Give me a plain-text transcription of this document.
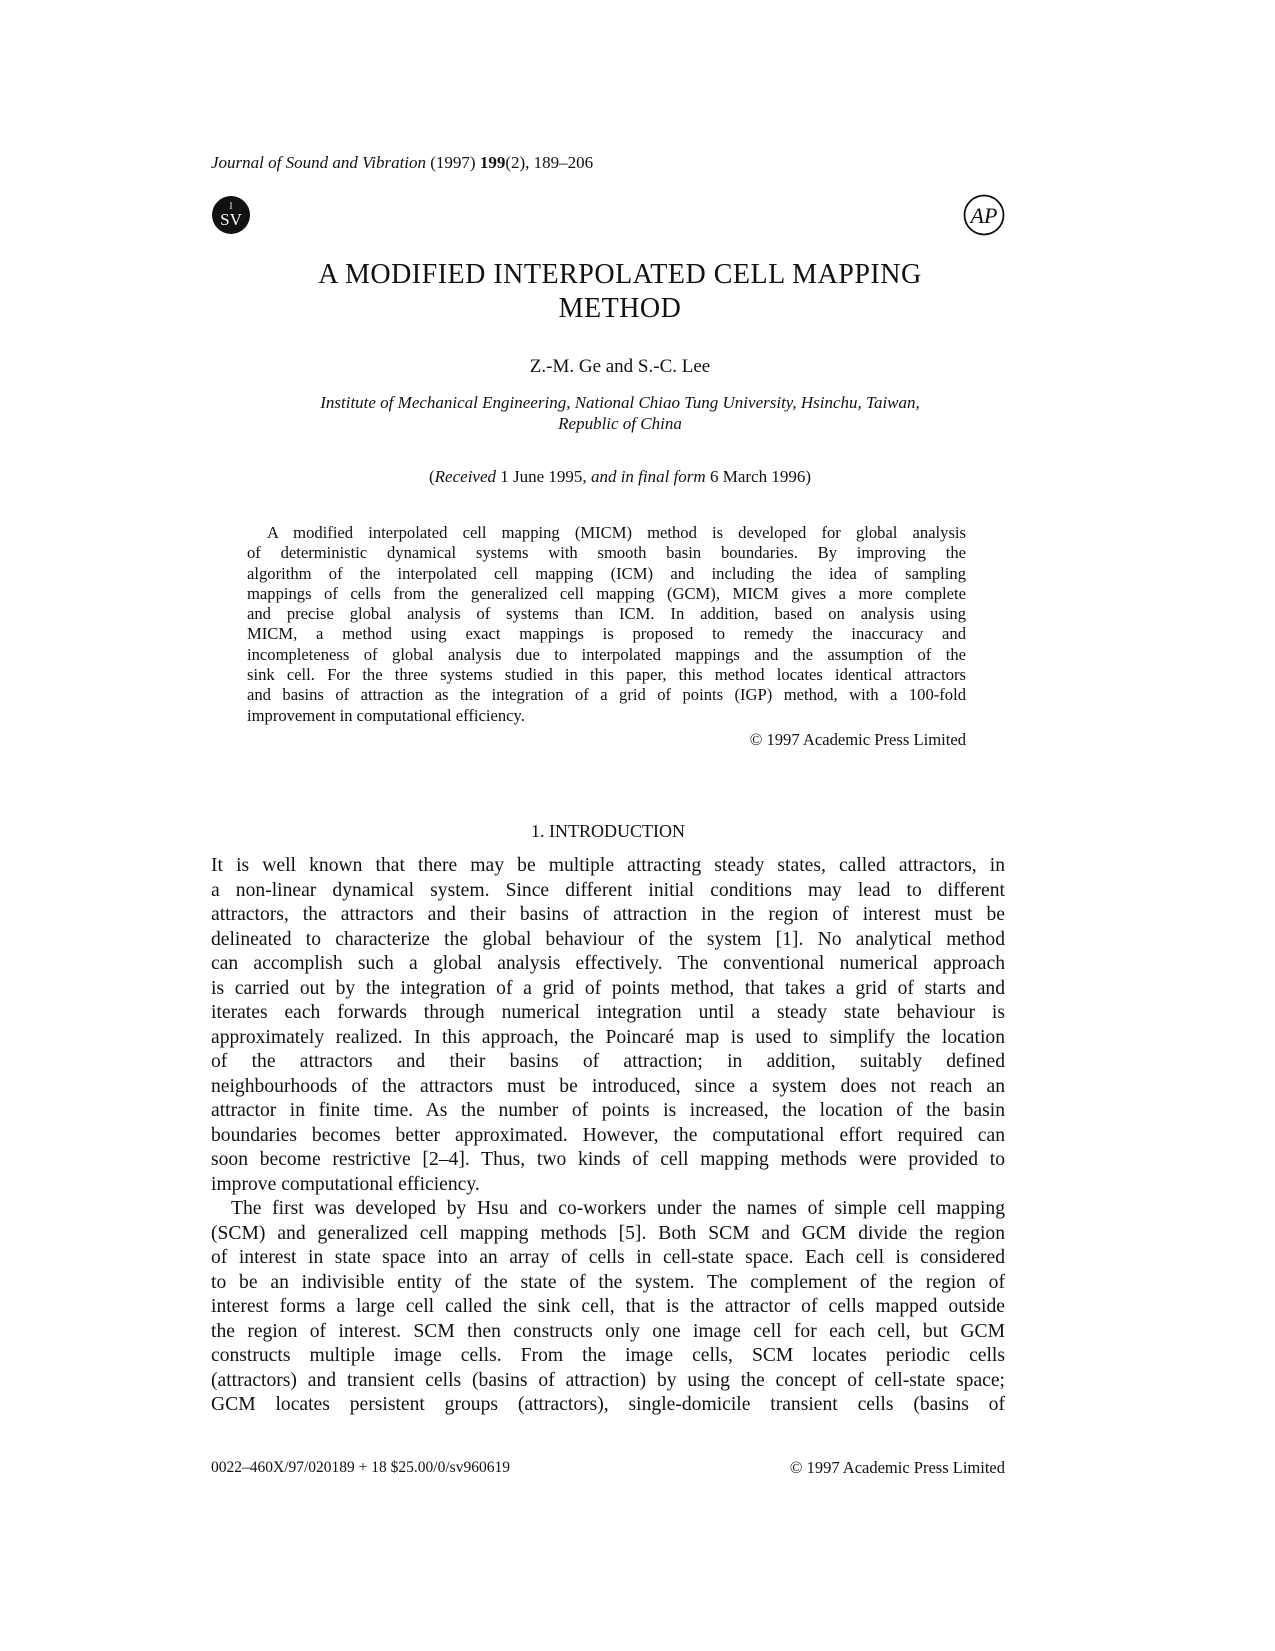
Journal of Sound and Vibration (1997) 199(2), 189–206
I
SV	AP
A MODIFIED INTERPOLATED CELL MAPPING
METHOD
Z.-M. Ge and S.-C. Lee
Institute of Mechanical Engineering, National Chiao Tung University, Hsinchu, Taiwan,
Republic of China
(Received 1 June 1995, and in final form 6 March 1996)
A modified interpolated cell mapping (MICM) method is developed for global analysis
of deterministic dynamical systems with smooth basin boundaries. By improving the
algorithm of the interpolated cell mapping (ICM) and including the idea of sampling
mappings of cells from the generalized cell mapping (GCM), MICM gives a more complete
and precise global analysis of systems than ICM. In addition, based on analysis using
MICM, a method using exact mappings is proposed to remedy the inaccuracy and
incompleteness of global analysis due to interpolated mappings and the assumption of the
sink cell. For the three systems studied in this paper, this method locates identical attractors
and basins of attraction as the integration of a grid of points (IGP) method, with a 100-fold
improvement in computational efficiency.
© 1997 Academic Press Limited
1. INTRODUCTION
It is well known that there may be multiple attracting steady states, called attractors, in
a non-linear dynamical system. Since different initial conditions may lead to different
attractors, the attractors and their basins of attraction in the region of interest must be
delineated to characterize the global behaviour of the system [1]. No analytical method
can accomplish such a global analysis effectively. The conventional numerical approach
is carried out by the integration of a grid of points method, that takes a grid of starts and
iterates each forwards through numerical integration until a steady state behaviour is
approximately realized. In this approach, the Poincaré map is used to simplify the location
of the attractors and their basins of attraction; in addition, suitably defined
neighbourhoods of the attractors must be introduced, since a system does not reach an
attractor in finite time. As the number of points is increased, the location of the basin
boundaries becomes better approximated. However, the computational effort required can
soon become restrictive [2–4]. Thus, two kinds of cell mapping methods were provided to
improve computational efficiency.
The first was developed by Hsu and co-workers under the names of simple cell mapping
(SCM) and generalized cell mapping methods [5]. Both SCM and GCM divide the region
of interest in state space into an array of cells in cell-state space. Each cell is considered
to be an indivisible entity of the state of the system. The complement of the region of
interest forms a large cell called the sink cell, that is the attractor of cells mapped outside
the region of interest. SCM then constructs only one image cell for each cell, but GCM
constructs multiple image cells. From the image cells, SCM locates periodic cells
(attractors) and transient cells (basins of attraction) by using the concept of cell-state space;
GCM locates persistent groups (attractors), single-domicile transient cells (basins of
0022–460X/97/020189 + 18 $25.00/0/sv960619	© 1997 Academic Press Limited
